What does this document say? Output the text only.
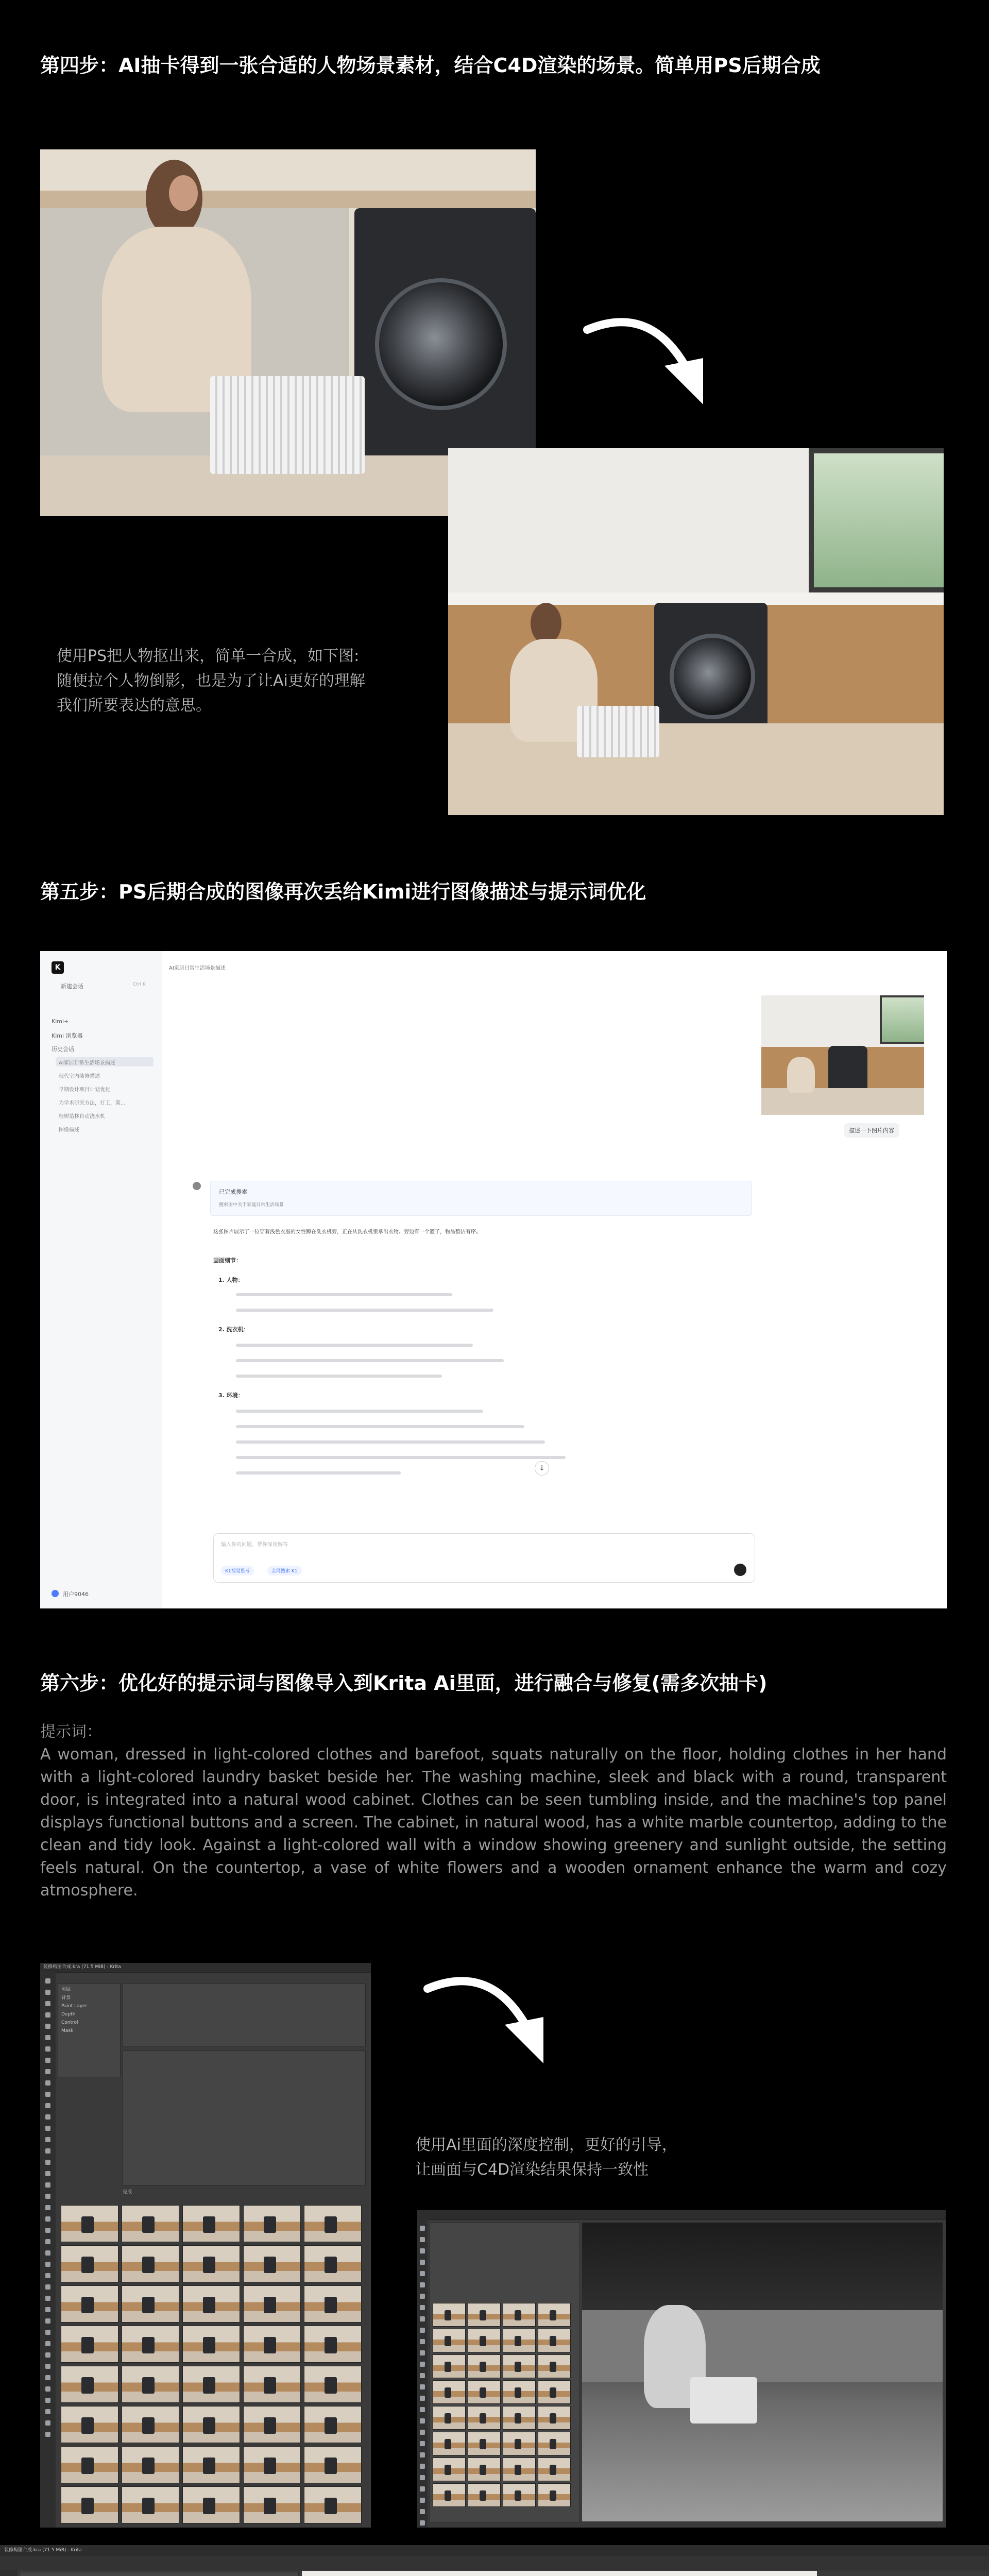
第四步：AI抽卡得到一张合适的人物场景素材，结合C4D渲染的场景。简单用PS后期合成
使用PS把人物抠出来，简单一合成，如下图:
随便拉个人物倒影，也是为了让Ai更好的理解
我们所要表达的意思。
第五步：PS后期合成的图像再次丢给Kimi进行图像描述与提示词优化
K
新建会话	Ctrl K
Kimi+
Kimi 浏览器
历史会话
AI家居日常生活场景描述
现代室内装修描述
早期设计项目计划优化
为学术研究方法，打工，策...
植树造林自动浇水机
图像描述
用户9046
AI家居日常生活场景描述
描述一下图片内容
已完成搜索
搜索图中关于家庭日常生活场景
这张图片展示了一位穿着浅色衣服的女性蹲在洗衣机旁，正在从洗衣机里拿出衣物。旁边有一个篮子，物品整洁有序。
画面细节：
1. 人物：
2. 洗衣机：
3. 环境：
↓
输入你的问题，帮你深度解答
K1视觉思考	全网搜索 K1
第六步：优化好的提示词与图像导入到Krita Ai里面，进行融合与修复(需多次抽卡)
提示词：
A woman, dressed in light-colored clothes and barefoot, squats naturally on the floor, holding clothes in her hand with a light-colored laundry basket beside her. The washing machine, sleek and black with a round, transparent door, is integrated into a natural wood cabinet. Clothes can be seen tumbling inside, and the machine's top panel displays functional buttons and a screen. The cabinet, in natural wood, has a white marble countertop, adding to the clean and tidy look. Against a light-colored wall with a window showing greenery and sunlight outside, the setting feels natural. On the countertop, a vase of white flowers and a wooden ornament enhance the warm and cozy atmosphere.
装修构图合成.kra (71.5 MiB) - Krita
图层
背景
Paint Layer
Depth
Control
Mask
完成
使用Ai里面的深度控制，更好的引导，
让画面与C4D渲染结果保持一致性
装修构图合成.kra (71.5 MiB) - Krita
